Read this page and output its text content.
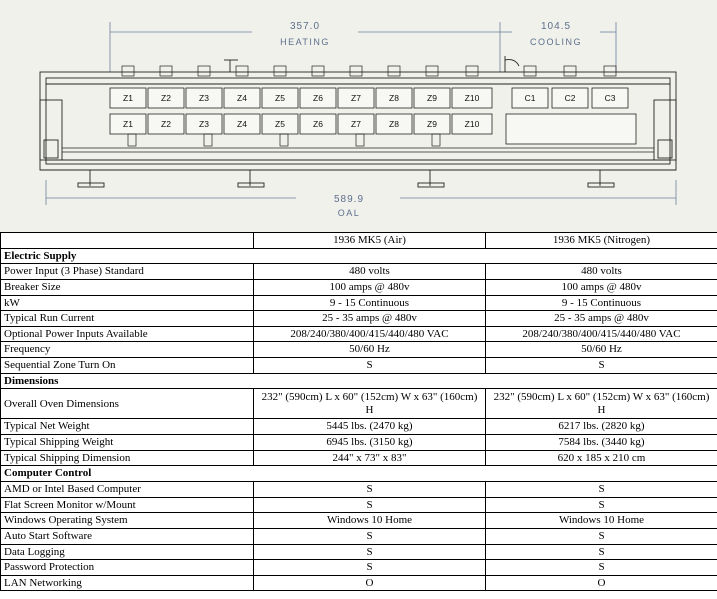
357.0
HEATING
104.5
COOLING
589.9
OAL
Z1	Z2	Z3	Z4	Z5	Z6	Z7	Z8	Z9	Z10	C1	C2	C3
Z1	Z2	Z3	Z4	Z5	Z6	Z7	Z8	Z9	Z10
	1936 MK5 (Air)	1936 MK5 (Nitrogen)
Electric Supply		
Power Input (3 Phase) Standard	480 volts	480 volts
Breaker Size	100 amps @ 480v	100 amps @ 480v
kW	9 - 15 Continuous	9 - 15 Continuous
Typical Run Current	25 - 35 amps @ 480v	25 - 35 amps @ 480v
Optional Power Inputs Available	208/240/380/400/415/440/480 VAC	208/240/380/400/415/440/480 VAC
Frequency	50/60 Hz	50/60 Hz
Sequential Zone Turn On	S	S
Dimensions		
Overall Oven Dimensions	232" (590cm) L x 60" (152cm) W x 63" (160cm) H	232" (590cm) L x 60" (152cm) W x 63" (160cm) H
Typical Net Weight	5445 lbs. (2470 kg)	6217 lbs. (2820 kg)
Typical Shipping Weight	6945 lbs. (3150 kg)	7584 lbs. (3440 kg)
Typical Shipping Dimension	244" x 73" x 83"	620 x 185 x 210 cm
Computer Control		
AMD or Intel Based Computer	S	S
Flat Screen Monitor w/Mount	S	S
Windows Operating System	Windows 10 Home	Windows 10 Home
Auto Start Software	S	S
Data Logging	S	S
Password Protection	S	S
LAN Networking	O	O
